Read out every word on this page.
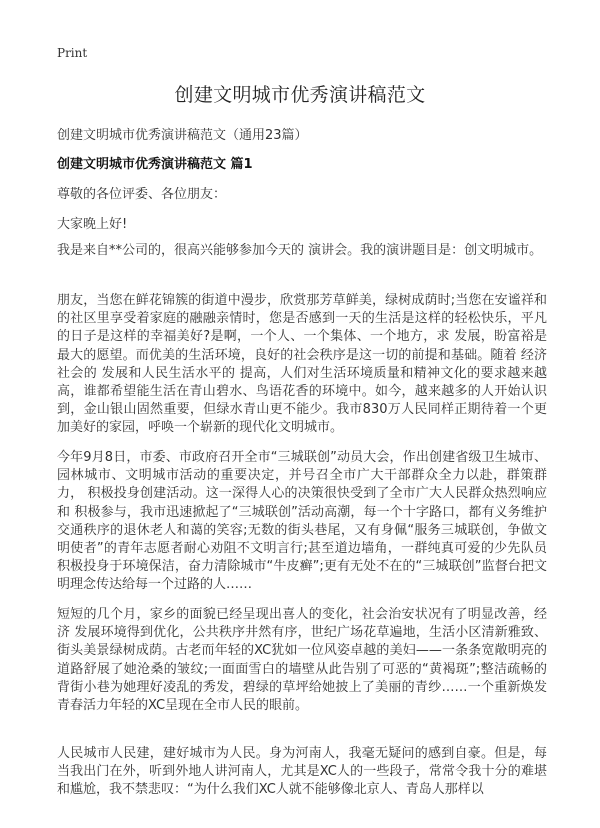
Print
创建文明城市优秀演讲稿范文
创建文明城市优秀演讲稿范文（通用23篇）
创建文明城市优秀演讲稿范文 篇1
尊敬的各位评委、各位朋友：
大家晚上好!

我是来自**公司的，很高兴能够参加今天的 演讲会。我的演讲题目是：创文明城市。

朋友，当您在鲜花锦簇的街道中漫步，欣赏那芳草鲜美，绿树成荫时;当您在安谧祥和的社区里享受着家庭的融融亲情时，您是否感到一天的生活是这样的轻松快乐，平凡的日子是这样的幸福美好?是啊，一个人、一个集体、一个地方，求 发展，盼富裕是最大的愿望。而优美的生活环境，良好的社会秩序是这一切的前提和基础。随着 经济社会的 发展和人民生活水平的 提高，人们对生活环境质量和精神文化的要求越来越高，谁都希望能生活在青山碧水、鸟语花香的环境中。如今，越来越多的人开始认识到，金山银山固然重要，但绿水青山更不能少。我市830万人民同样正期待着一个更加美好的家园，呼唤一个崭新的现代化文明城市。

今年9月8日，市委、市政府召开全市“三城联创”动员大会，作出创建省级卫生城市、园林城市、文明城市活动的重要决定，并号召全市广大干部群众全力以赴，群策群力， 积极投身创建活动。这一深得人心的决策很快受到了全市广大人民群众热烈响应和 积极参与，我市迅速掀起了“三城联创”活动高潮，每一个十字路口，都有义务维护交通秩序的退休老人和蔼的笑容;无数的街头巷尾，又有身佩“服务三城联创，争做文明使者”的青年志愿者耐心劝阻不文明言行;甚至道边墙角，一群纯真可爱的少先队员 积极投身于环境保洁，奋力清除城市“牛皮癣”;更有无处不在的“三城联创”监督台把文明理念传达给每一个过路的人……

短短的几个月，家乡的面貌已经呈现出喜人的变化，社会治安状况有了明显改善，经济 发展环境得到优化，公共秩序井然有序，世纪广场花草遍地，生活小区清新雅致、街头美景绿树成荫。古老而年轻的XC犹如一位风姿卓越的美妇——一条条宽敞明亮的道路舒展了她沧桑的皱纹;一面面雪白的墙壁从此告别了可恶的“黄褐斑”;整洁疏畅的背街小巷为她理好凌乱的秀发，碧绿的草坪给她披上了美丽的青纱……一个重新焕发青春活力年轻的XC呈现在全市人民的眼前。

人民城市人民建，建好城市为人民。身为河南人，我毫无疑问的感到自豪。但是，每当我出门在外，听到外地人讲河南人，尤其是XC人的一些段子，常常令我十分的难堪和尴尬，我不禁悲叹：“为什么我们XC人就不能够像北京人、青岛人那样以
